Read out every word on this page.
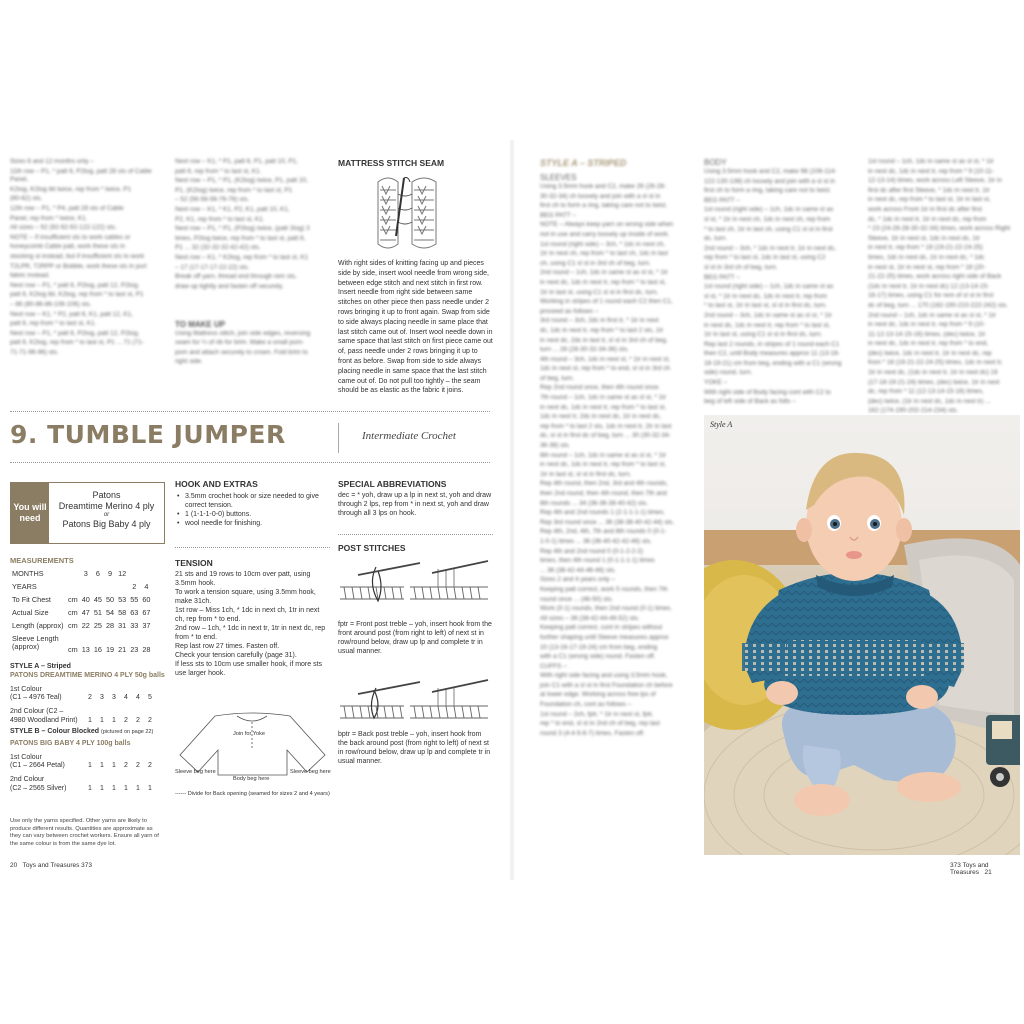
Sizes 6 and 12 months only –

11th row – P1, * patt 6, P2tog, patt 28 sts of Cable Panel,

K2tog, K2tog tbl twice, rep from * twice, P1

(60-62) sts.

12th row – P1, * P4, patt 28 sts of Cable

Panel, rep from * twice, K1.

All sizes – 92 (92-92-92-122-122) sts.

NOTE – If insufficient sts to work cables or

honeycomb Cable patt, work these sts in

stocking st instead, but if insufficient sts to work

T2LPR, T2RPP or Bobble, work these sts in purl

fabric instead.

Next row – P1, * patt 6, P2tog, patt 12, P2tog,

patt 6, K2tog tbl, K2tog, rep from * to last st, P1

– 86 (80-86-86-106-106) sts.

Next row – K1, * P2, patt 6, K1, patt 12, K1,

patt 6, rep from * to last st, K1.

Next row – P1, * patt 6, P2tog, patt 12, P2tog,

patt 6, K2tog, rep from * to last st, P1 ... 71 (71-

71-71-96-96) sts.

Next row – K1, * P1, patt 6, P1, patt 10, P1,

patt 6, rep from * to last st, K1.

Next row – P1, * P1, (K2tog) twice, P1, patt 10,

P1, (K2tog) twice, rep from * to last st, P1

– 52 (56-56-56-76-76) sts.

Next row – K1, * K1, P2, K1, patt 10, K1,

P2, K1, rep from * to last st, K1.

Next row – P1, * P1, (P2tog) twice, (patt 2tog) 3

times, P2tog twice, rep from * to last st, patt 8,

P1 ... 32 (32-32-32-42-42) sts.

Next row – K1, * K2tog, rep from * to last st, K1

– 17 (17-17-17-22-22) sts.

Break off yarn, thread end through rem sts,

draw up tightly and fasten off securely.

TO MAKE UP

Using Mattress stitch, join side edges, reversing

seam for ¼ of rib for brim. Make a small pom-

pom and attach securely to crown. Fold brim to

right side.

MATTRESS STITCH SEAM
With right sides of knitting facing up and pieces side by side, insert wool needle from wrong side, between edge stitch and next stitch in first row. Insert needle from right side between same stitches on other piece then pass needle under 2 rows bringing it up to front again. Swap from side to side always placing needle in same place that last stitch came out of. Insert wool needle down in same space that last stitch on first piece came out of, pass needle under 2 rows bringing it up to front as before. Swap from side to side always placing needle in same space that the last stitch came out of. Do not pull too tightly – the seam should be as elastic as the fabric it joins.
9. TUMBLE JUMPER	Intermediate Crochet
You will need
Patons
Dreamtime Merino 4 ply
or
Patons Big Baby 4 ply
MEASUREMENTS
MONTHS		3	6	9	12		
YEARS						2	4
To Fit Chest	cm	40	45	50	53	55	60
Actual Size	cm	47	51	54	58	63	67
Length (approx)	cm	22	25	28	31	33	37
Sleeve Length
(approx)	cm	13	16	19	21	23	28
STYLE A – Striped
PATONS DREAMTIME MERINO 4 PLY 50g balls
1st Colour
(C1 – 4976 Teal)	2 3 3 4 4 5
2nd Colour (C2 –
4980 Woodland Print) 1 1 1 2 2 2
STYLE B – Colour Blocked (pictured on page 22)
PATONS BIG BABY 4 PLY 100g balls
1st Colour
(C1 – 2664 Petal)	1 1 1 2 2 2
2nd Colour
(C2 – 2565 Silver)	1 1 1 1 1 1
Use only the yarns specified. Other yarns are likely to produce different results. Quantities are approximate as they can vary between crochet workers. Ensure all yarn of the same colour is from the same dye lot.
HOOK AND EXTRAS
• 3.5mm crochet hook or size needed to give correct tension.
• 1 (1-1-1-0-0) buttons.
• wool needle for finishing.
TENSION
21 sts and 19 rows to 10cm over patt, using 3.5mm hook.
To work a tension square, using 3.5mm hook, make 31ch.
1st row – Miss 1ch, * 1dc in next ch, 1tr in next ch, rep from * to end.
2nd row – 1ch, * 1dc in next tr, 1tr in next dc, rep from * to end.
Rep last row 27 times. Fasten off.
Check your tension carefully (page 31).
If less sts to 10cm use smaller hook, if more sts use larger hook.
Join for Yoke
Sleeve beg here
Body beg here
Sleeve beg here
------ Divide for Back opening (seamed for sizes 2 and 4 years)
SPECIAL ABBREVIATIONS
dec = * yoh, draw up a lp in next st, yoh and draw through 2 lps, rep from * in next st, yoh and draw through all 3 lps on hook.
POST STITCHES
fptr = Front post treble – yoh, insert hook from the front around post (from right to left) of next st in row/round below, draw up lp and complete tr in usual manner.
bptr = Back post treble – yoh, insert hook from the back around post (from right to left) of next st in row/round below, draw up lp and complete tr in usual manner.
20 Toys and Treasures 373
STYLE A – STRIPED
SLEEVES

Using 3.5mm hook and C2, make 26 (26-28-

30-32-34) ch loosely and join with a sl st in

first ch to form a ring, taking care not to twist.

BEG PATT –

NOTE – Always keep yarn on wrong side when

not in use and carry loosely up inside of work.

1st round (right side) – 3ch, * 1dc in next ch,

1tr in next ch, rep from * to last ch, 1dc in last

ch, using C1 sl st in 3rd ch of beg, turn.

2nd round – 1ch, 1dc in same st as sl st, * 1tr

in next dc, 1dc in next tr, rep from * to last st,

1tr in last st, using C1 sl st in first dc, turn.

Working in stripes of 1 round each C2 then C1,

proceed as follows –

3rd round – 3ch, 2dc in first tr, * 1tr in next

dc, 1dc in next tr, rep from * to last 2 sts, 1tr

in next dc, 2dc in last tr, sl st in 3rd ch of beg,

turn ... 28 (28-30-32-34-36) sts.

4th round – 3ch, 1dc in next st, * 1tr in next st,

1dc in next st, rep from * to end, sl st in 3rd ch

of beg, turn.

Rep 2nd round once, then 4th round once.

7th round – 1ch, 1dc in same st as sl st, * 1tr

in next dc, 1dc in next tr, rep from * to last st,

1dc in next tr, 2dc in next dc, 1tr in next dc,

rep from * to last 2 sts, 1dc in next tr, 2tr in last

dc, sl st in first dc of beg, turn ... 30 (30-32-34-

36-38) sts.

8th round – 1ch, 1dc in same st as sl st, * 1tr

in next dc, 1dc in next tr, rep from * to last st,

1tr in last st, sl st in first dc, turn.

Rep 4th round, then 2nd, 3rd and 4th rounds,

then 2nd round, then 4th round, then 7th and

8th rounds ... 34 (36-36-38-40-42) sts.

Rep 4th and 2nd rounds 1 (2-1-1-1-1) times.

Rep 3rd round once ... 36 (38-38-40-42-44) sts.

Rep 4th, 2nd, 4th, 7th and 8th rounds 0 (0-1-

1-0-1) times ... 36 (36-40-42-42-46) sts.

Rep 4th and 2nd round 0 (0-1-2-2-2)

times, then 4th round 1 (0-1-1-1-1) times

... 36 (38-42-44-46-46) sts.

Sizes 2 and 4 years only –

Keeping patt correct, work 5 rounds, then 7th

round once ... (46-50) sts.

Work (0-1) rounds, then 2nd round (0-1) times.

All sizes – 36 (38-42-44-46-52) sts.

Keeping patt correct, cont in stripes without

further shaping until Sleeve measures approx

10 (13-16-17-19-24) cm from beg, ending

with a C1 (wrong side) round. Fasten off.

CUFFS –

With right side facing and using 3.5mm hook,

join C1 with a sl st in first Foundation ch before

at lower edge. Working across free lps of

Foundation ch, cont as follows –

1st round – 2ch, fptr, * 1tr in next st, fptr,

rep * to end, sl st in 2nd ch of beg, rep last

round 3 (4-4-5-6-7) times. Fasten off.

BODY

Using 3.5mm hook and C2, make 98 (106-114-

122-130-138) ch loosely and join with a sl st in

first ch to form a ring, taking care not to twist.

BEG PATT –

1st round (right side) – 1ch, 1dc in same st as

sl st, * 1tr in next ch, 1dc in next ch, rep from

* to last ch, 1tr in last ch, using C1 sl st in first

dc, turn.

2nd round – 3ch, * 1dc in next tr, 1tr in next dc,

rep from * to last st, 1dc in last st, using C2

sl st in 3rd ch of beg, turn.

BEG PATT –

1st round (right side) – 1ch, 1dc in same st as

sl st, * 1tr in next dc, 1dc in next tr, rep from

* to last st, 1tr in last st, sl st in first dc, turn.

2nd round – 3ch, 1dc in same st as sl st, * 1tr

in next dc, 1dc in next tr, rep from * to last st,

1tr in last st, using C1 sl st in first dc, turn.

Rep last 2 rounds, in stripes of 1 round each C1

then C2, until Body measures approx 11 (13-16-

18-19-21) cm from beg, ending with a C1 (wrong

side) round, turn.

YOKE –

With right side of Body facing cont with C2 to

beg of left side of Back as folls –

1st round – 1ch, 1dc in same st as sl st, * 1tr

in next dc, 1dc in next tr, rep from * 9 (10-11-

12-13-14) times, work across Left Sleeve, 1tr in

first dc after first Sleeve, * 1dc in next tr, 1tr

in next dc, rep from * to last st, 1tr in last st,

work across Front 1tr in first dc after first

dc, * 1dc in next tr, 1tr in next dc, rep from

* 23 (24-26-28-30-32-34) times, work across Right

Sleeve, 1tr in next st, 1dc in next dc, 1tr

in next tr, rep from * 18 (19-21-22-24-25)

times, 1dc in next dc, 1tr in next dc, * 1dc

in next st, 1tr in next st, rep from * 18 (20-

21-22-25) times, work across right side of Back

(1dc in next tr, 1tr in next dc) 12 (13-14-15-

16-17) times, using C1 for rem of sl st in first

dc of beg, turn ... 170 (182-190-210-222-242) sts.

2nd round – 1ch, 1dc in same st as sl st, * 1tr

in next dc, 1dc in next tr, rep from * 9 (10-

11-12-13-14-15-16) times, (dec) twice, 1tr

in next dc, 1dc in next tr, rep from * to end,

(dec) twice, 1dc in next tr, 1tr in next dc, rep

from * 18 (19-21-22-24-25) times, 1dc in next tr,

1tr in next dc, (1dc in next tr, 1tr in next dc) 16

(17-18-19-21-24) times, (dec) twice, 1tr in next

dc, rep from * 11 (12-13-14-15-16) times,

(dec) twice, (1tr in next dc, 1dc in next tr) ...

162 (174-190-202-214-234) sts.

Style A
373 Toys and Treasures 21
